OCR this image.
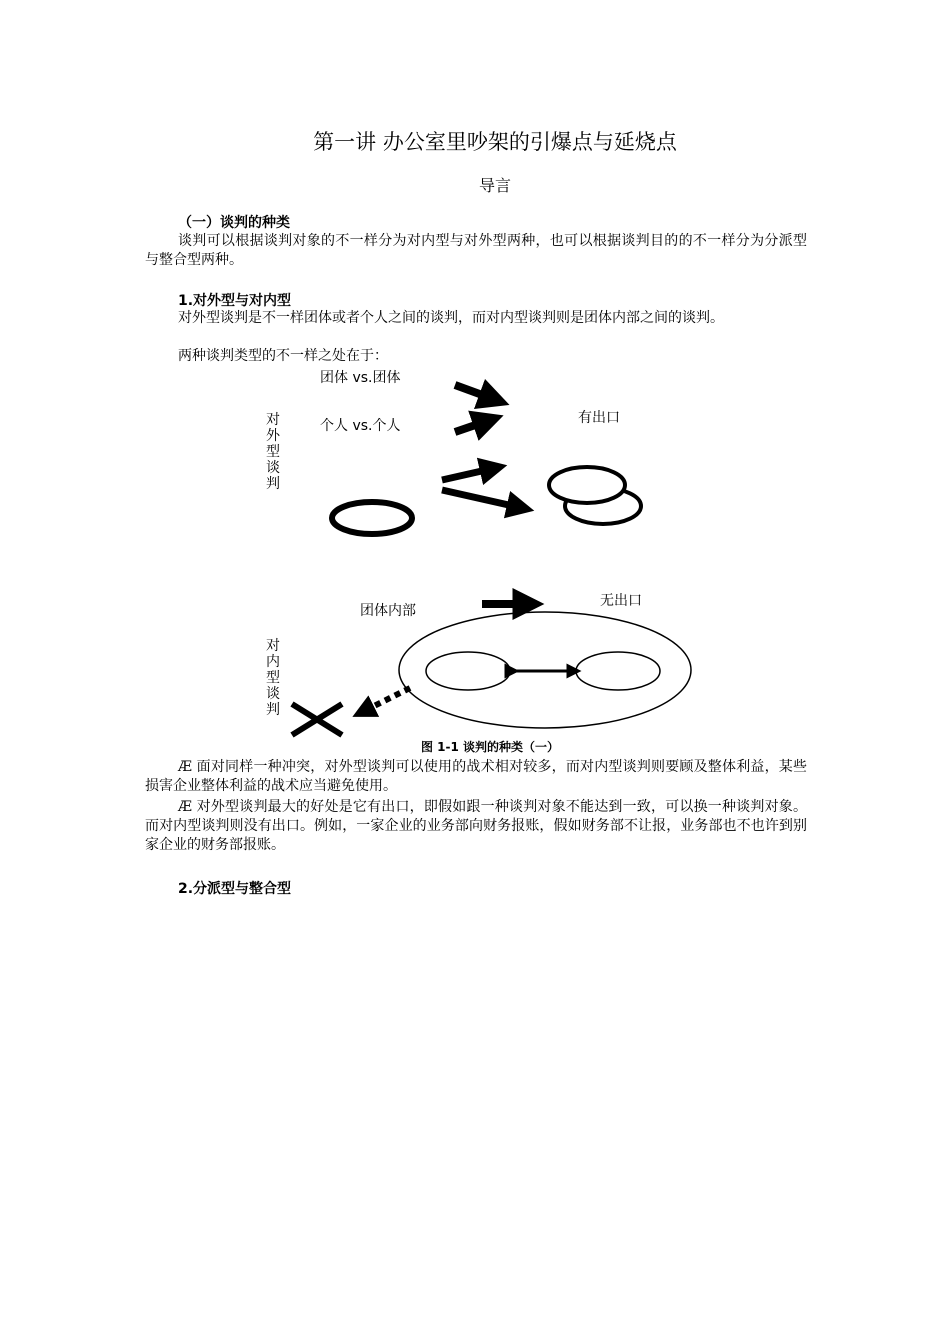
第一讲 办公室里吵架的引爆点与延烧点
导言
（一）谈判的种类
谈判可以根据谈判对象的不一样分为对内型与对外型两种，也可以根据谈判目的的不一样分为分派型与整合型两种。
1.对外型与对内型
对外型谈判是不一样团体或者个人之间的谈判，而对内型谈判则是团体内部之间的谈判。
两种谈判类型的不一样之处在于：
团体 vs.团体
个人 vs.个人	有出口
对 外 型 谈 判
团体内部
无出口
对 内 型 谈 判
图 1-1 谈判的种类（一）
Æ 面对同样一种冲突，对外型谈判可以使用的战术相对较多，而对内型谈判则要顾及整体利益，某些损害企业整体利益的战术应当避免使用。
Æ 对外型谈判最大的好处是它有出口，即假如跟一种谈判对象不能达到一致，可以换一种谈判对象。而对内型谈判则没有出口。例如，一家企业的业务部向财务报账，假如财务部不让报，业务部也不也许到别家企业的财务部报账。
2.分派型与整合型
